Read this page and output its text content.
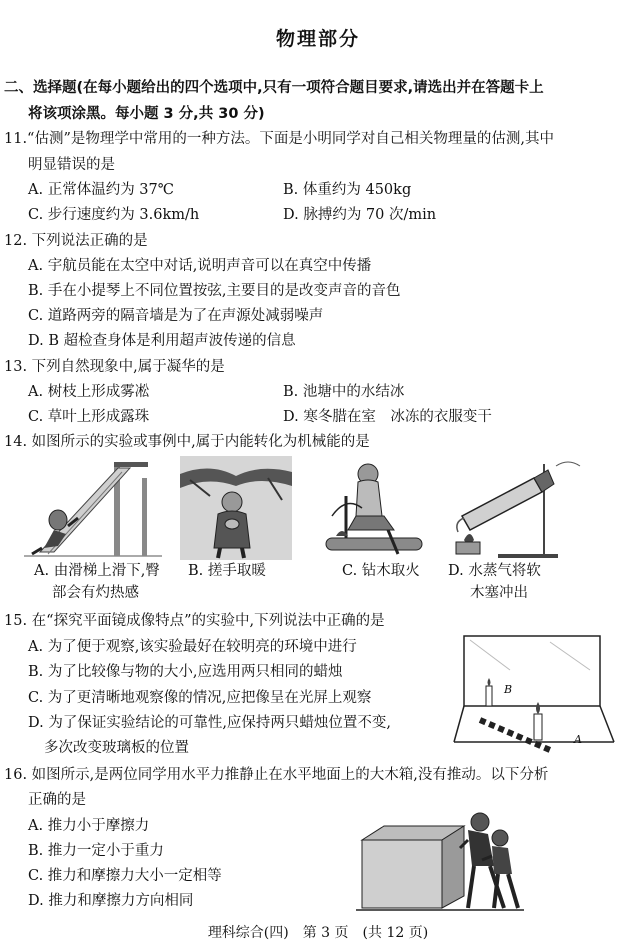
物理部分
二、选择题(在每小题给出的四个选项中,只有一项符合题目要求,请选出并在答题卡上
将该项涂黑。每小题 3 分,共 30 分)
11.“估测”是物理学中常用的一种方法。下面是小明同学对自己相关物理量的估测,其中
明显错误的是
A. 正常体温约为 37℃	B. 体重约为 450kg
C. 步行速度约为 3.6km/h	D. 脉搏约为 70 次/min
12. 下列说法正确的是
A. 宇航员能在太空中对话,说明声音可以在真空中传播
B. 手在小提琴上不同位置按弦,主要目的是改变声音的音色
C. 道路两旁的隔音墙是为了在声源处减弱噪声
D. B 超检查身体是利用超声波传递的信息
13. 下列自然现象中,属于凝华的是
A. 树枝上形成雾凇	B. 池塘中的水结冰
C. 草叶上形成露珠	D. 寒冬腊在室　冰冻的衣服变干
14. 如图所示的实验或事例中,属于内能转化为机械能的是
A. 由滑梯上滑下,臀
部会有灼热感
B. 搓手取暖	C. 钻木取火 D. 水蒸气将软
木塞冲出
15. 在“探究平面镜成像特点”的实验中,下列说法中正确的是
A. 为了便于观察,该实验最好在较明亮的环境中进行
B. 为了比较像与物的大小,应选用两只相同的蜡烛
C. 为了更清晰地观察像的情况,应把像呈在光屏上观察
D. 为了保证实验结论的可靠性,应保持两只蜡烛位置不变,
多次改变玻璃板的位置
B
A
16. 如图所示,是两位同学用水平力推静止在水平地面上的大木箱,没有推动。以下分析
正确的是
A. 推力小于摩擦力
B. 推力一定小于重力
C. 推力和摩擦力大小一定相等
D. 推力和摩擦力方向相同
理科综合(四)　第 3 页　(共 12 页)
